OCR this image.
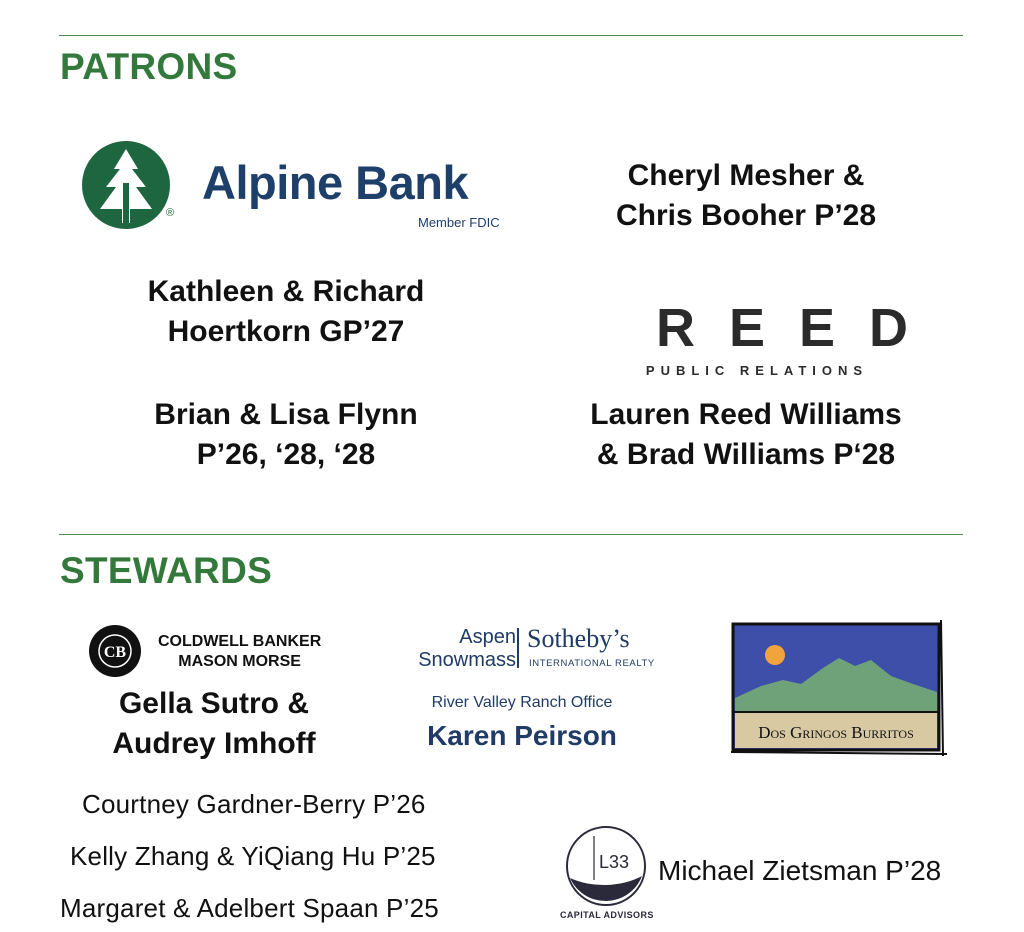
PATRONS
®
Alpine Bank
Member FDIC
Cheryl Mesher &
Chris Booher P’28
Kathleen & Richard
Hoertkorn GP’27	REED
PUBLIC RELATIONS
Brian & Lisa Flynn
P’26, ‘28, ‘28
Lauren Reed Williams
& Brad Williams P‘28
STEWARDS
CB
COLDWELL BANKER
MASON MORSE
Gella Sutro &
Audrey Imhoff
Aspen
Snowmass
Sotheby’s
INTERNATIONAL REALTY
River Valley Ranch Office
Karen Peirson	Dos Gringos Burritos
Courtney Gardner-Berry P’26
Kelly Zhang & YiQiang Hu P’25
Margaret & Adelbert Spaan P’25
L33
CAPITAL ADVISORS
Michael Zietsman P’28
